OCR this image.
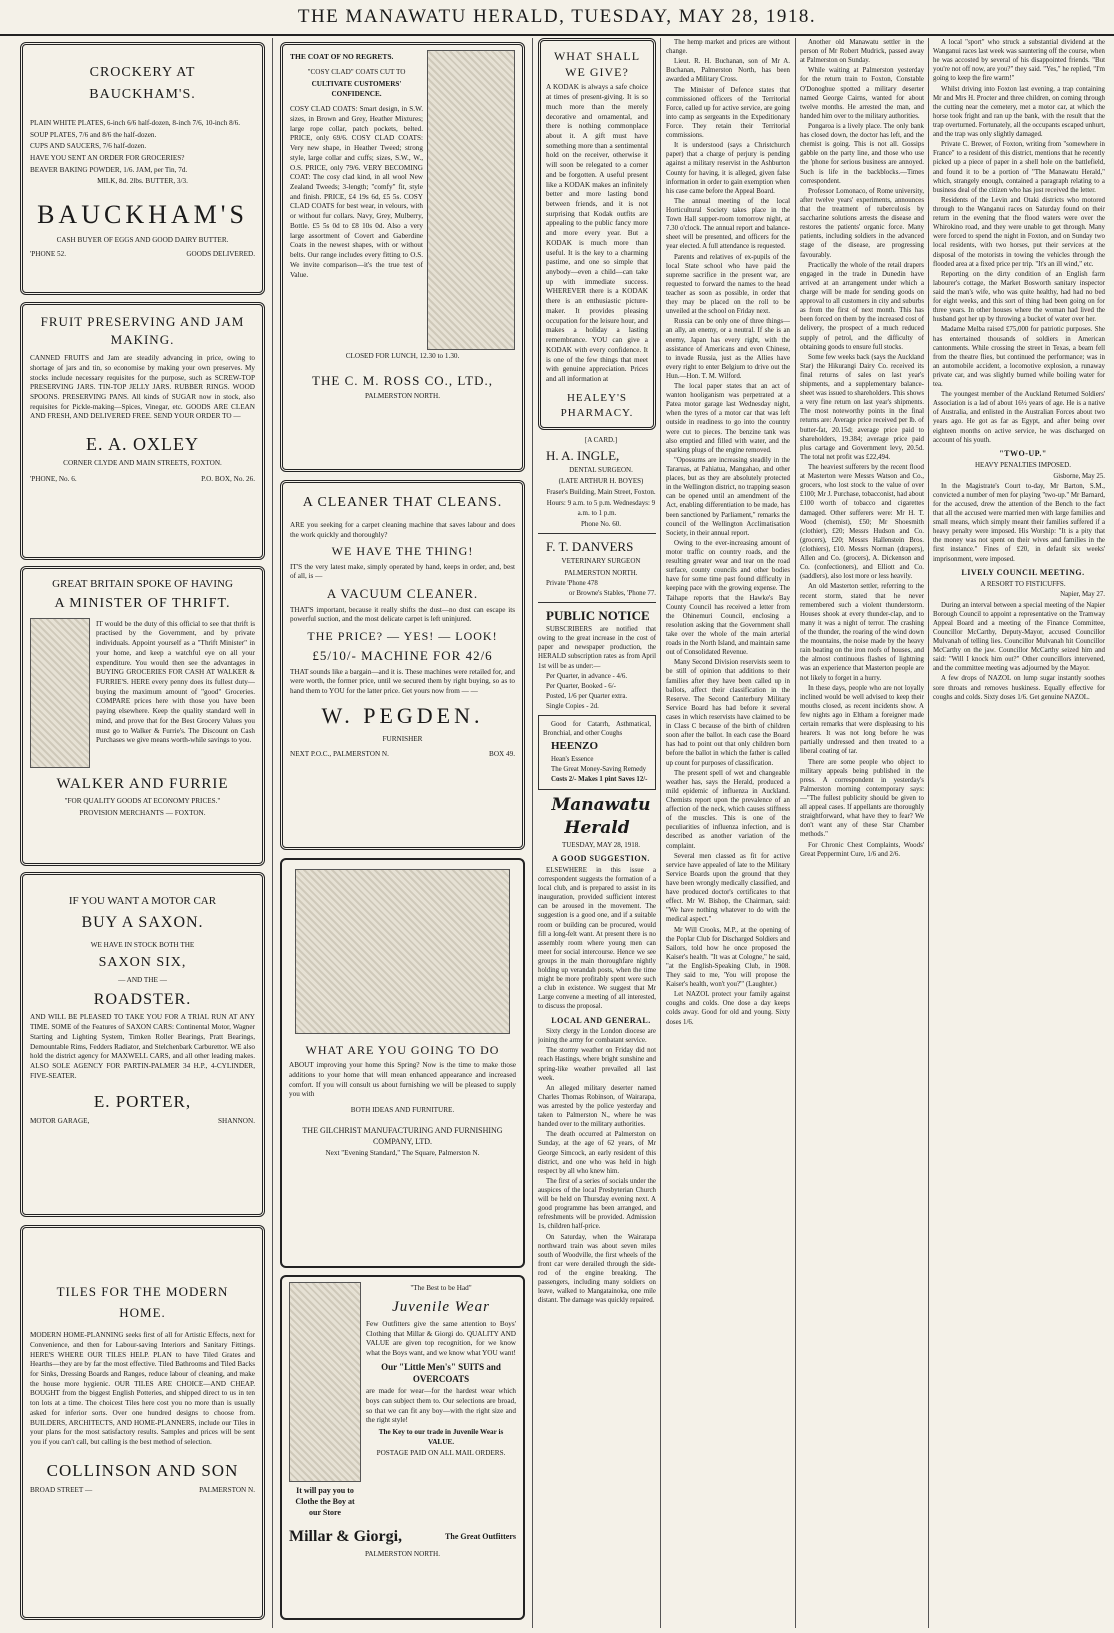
THE MANAWATU HERALD, TUESDAY, MAY 28, 1918.
CROCKERY AT
BAUCKHAM'S.

PLAIN WHITE PLATES, 6-inch 6/6 half-dozen, 8-inch 7/6, 10-inch 8/6.

SOUP PLATES, 7/6 and 8/6 the half-dozen.

CUPS AND SAUCERS, 7/6 half-dozen.

HAVE YOU SENT AN ORDER FOR GROCERIES?

BEAVER BAKING POWDER, 1/6. JAM, per Tin, 7d.

MILK, 8d. 2lbs. BUTTER, 3/3.

BAUCKHAM'S

CASH BUYER OF EGGS AND GOOD DAIRY BUTTER.

'PHONE 52.	GOODS DELIVERED.
FRUIT PRESERVING AND JAM MAKING.

CANNED FRUITS and Jam are steadily advancing in price, owing to shortage of jars and tin, so economise by making your own preserves. My stocks include necessary requisites for the purpose, such as SCREW-TOP PRESERVING JARS. TIN-TOP JELLY JARS. RUBBER RINGS. WOOD SPOONS. PRESERVING PANS. All kinds of SUGAR now in stock, also requisites for Pickle-making—Spices, Vinegar, etc. GOODS ARE CLEAN AND FRESH, AND DELIVERED FREE. SEND YOUR ORDER TO —

E. A. OXLEY

CORNER CLYDE AND MAIN STREETS, FOXTON.

'PHONE, No. 6.	P.O. BOX, No. 26.
GREAT BRITAIN SPOKE OF HAVING
A MINISTER OF THRIFT.

IT would be the duty of this official to see that thrift is practised by the Government, and by private individuals. Appoint yourself as a "Thrift Minister" in your home, and keep a watchful eye on all your expenditure. You would then see the advantages in BUYING GROCERIES FOR CASH AT WALKER & FURRIE'S. HERE every penny does its fullest duty—buying the maximum amount of "good" Groceries. COMPARE prices here with those you have been paying elsewhere. Keep the quality standard well in mind, and prove that for the Best Grocery Values you must go to Walker & Furrie's. The Discount on Cash Purchases we give means worth-while savings to you.

WALKER AND FURRIE

"FOR QUALITY GOODS AT ECONOMY PRICES."

PROVISION MERCHANTS — FOXTON.

IF YOU WANT A MOTOR CAR
BUY A SAXON.

WE HAVE IN STOCK BOTH THE

SAXON SIX,

— AND THE —

ROADSTER.

AND WILL BE PLEASED TO TAKE YOU FOR A TRIAL RUN AT ANY TIME. SOME of the Features of SAXON CARS: Continental Motor, Wagner Starting and Lighting System, Timken Roller Bearings, Pratt Bearings, Demountable Rims, Fedders Radiator, and Stelchenbark Carburettor. WE also hold the district agency for MAXWELL CARS, and all other leading makes. ALSO SOLE AGENCY FOR PARTIN-PALMER 34 H.P., 4-CYLINDER, FIVE-SEATER.

E. PORTER,
MOTOR GARAGE,	SHANNON.
TILES FOR THE MODERN
HOME.

MODERN HOME-PLANNING seeks first of all for Artistic Effects, next for Convenience, and then for Labour-saving Interiors and Sanitary Fittings. HERE'S WHERE OUR TILES HELP. PLAN to have Tiled Grates and Hearths—they are by far the most effective. Tiled Bathrooms and Tiled Backs for Sinks, Dressing Boards and Ranges, reduce labour of cleaning, and make the house more hygienic. OUR TILES ARE CHOICE—AND CHEAP. BOUGHT from the biggest English Potteries, and shipped direct to us in ten ton lots at a time. The choicest Tiles here cost you no more than is usually asked for inferior sorts. Over one hundred designs to choose from. BUILDERS, ARCHITECTS, AND HOME-PLANNERS, include our Tiles in your plans for the most satisfactory results. Samples and prices will be sent you if you can't call, but calling is the best method of selection.

COLLINSON AND SON
BROAD STREET —	PALMERSTON N.

THE COAT OF NO REGRETS.

"COSY CLAD" COATS CUT TO

CULTIVATE CUSTOMERS' CONFIDENCE.

COSY CLAD COATS: Smart design, in S.W. sizes, in Brown and Grey, Heather Mixtures; large rope collar, patch pockets, belted. PRICE, only 69/6. COSY CLAD COATS: Very new shape, in Heather Tweed; strong style, large collar and cuffs; sizes, S.W., W., O.S. PRICE, only 79/6. VERY BECOMING COAT: The cosy clad kind, in all wool New Zealand Tweeds; 3-length; "comfy" fit, style and finish. PRICE, £4 19s 6d, £5 5s. COSY CLAD COATS for best wear, in velours, with or without fur collars. Navy, Grey, Mulberry, Bottle. £5 5s 0d to £8 10s 0d. Also a very large assortment of Covert and Gaberdine Coats in the newest shapes, with or without belts. Our range includes every fitting to O.S. We invite comparison—it's the true test of Value.

CLOSED FOR LUNCH, 12.30 to 1.30.

THE C. M. ROSS CO., LTD.,

PALMERSTON NORTH.

A CLEANER THAT CLEANS.

ARE you seeking for a carpet cleaning machine that saves labour and does the work quickly and thoroughly?

WE HAVE THE THING!

IT'S the very latest make, simply operated by hand, keeps in order, and, best of all, is —

A VACUUM CLEANER.

THAT'S important, because it really shifts the dust—no dust can escape its powerful suction, and the most delicate carpet is left uninjured.

THE PRICE? — YES! — LOOK!
£5/10/- MACHINE FOR 42/6

THAT sounds like a bargain—and it is. These machines were retailed for, and were worth, the former price, until we secured them by right buying, so as to hand them to YOU for the latter price. Get yours now from — —

W. PEGDEN.

FURNISHER

NEXT P.O.C., PALMERSTON N.	BOX 49.
WHAT ARE YOU GOING TO DO

ABOUT improving your home this Spring? Now is the time to make those additions to your home that will mean enhanced appearance and increased comfort. If you will consult us about furnishing we will be pleased to supply you with

BOTH IDEAS AND FURNITURE.

THE GILCHRIST MANUFACTURING AND FURNISHING COMPANY, LTD.

Next "Evening Standard," The Square, Palmerston N.

It will pay you to Clothe the Boy at our Store

"The Best to be Had"

Juvenile Wear

Few Outfitters give the same attention to Boys' Clothing that Millar & Giorgi do. QUALITY AND VALUE are given top recognition, for we know what the Boys want, and we know what YOU want!

Our "Little Men's" SUITS and OVERCOATS

are made for wear—for the hardest wear which boys can subject them to. Our selections are broad, so that we can fit any boy—with the right size and the right style!

The Key to our trade in Juvenile Wear is VALUE.

POSTAGE PAID ON ALL MAIL ORDERS.

Millar & Giorgi,	The Great Outfitters

PALMERSTON NORTH.

WHAT SHALL WE GIVE?

A KODAK is always a safe choice at times of present-giving. It is so much more than the merely decorative and ornamental, and there is nothing commonplace about it. A gift must have something more than a sentimental hold on the receiver, otherwise it will soon be relegated to a corner and be forgotten. A useful present like a KODAK makes an infinitely better and more lasting bond between friends, and it is not surprising that Kodak outfits are appealing to the public fancy more and more every year. But a KODAK is much more than useful. It is the key to a charming pastime, and one so simple that anybody—even a child—can take up with immediate success. WHEREVER there is a KODAK there is an enthusiastic picture-maker. It provides pleasing occupation for the leisure hour, and makes a holiday a lasting remembrance. YOU can give a KODAK with every confidence. It is one of the few things that meet with genuine appreciation. Prices and all information at

HEALEY'S PHARMACY.

[A CARD.]

H. A. INGLE,

DENTAL SURGEON.

(LATE ARTHUR H. BOYES)

Fraser's Building, Main Street, Foxton.

Hours: 9 a.m. to 5 p.m. Wednesdays: 9 a.m. to 1 p.m.

Phone No. 60.

F. T. DANVERS

VETERINARY SURGEON

PALMERSTON NORTH.

Private 'Phone 478

or Browne's Stables, 'Phone 77.

PUBLIC NOTICE

SUBSCRIBERS are notified that owing to the great increase in the cost of paper and newspaper production, the HERALD subscription rates as from April 1st will be as under:—

Per Quarter, in advance - 4/6.

Per Quarter, Booked - 6/-

Posted, 1/6 per Quarter extra.

Single Copies - 2d.

Good for Catarrh, Asthmatical, Bronchial, and other Coughs

HEENZO

Hean's Essence

The Great Money-Saving Remedy

Costs 2/- Makes 1 pint Saves 12/-

Manawatu Herald

TUESDAY, MAY 28, 1918.

A GOOD SUGGESTION.

ELSEWHERE in this issue a correspondent suggests the formation of a local club, and is prepared to assist in its inauguration, provided sufficient interest can be aroused in the movement. The suggestion is a good one, and if a suitable room or building can be procured, would fill a long-felt want. At present there is no assembly room where young men can meet for social intercourse. Hence we see groups in the main thoroughfare nightly holding up verandah posts, when the time might be more profitably spent were such a club in existence. We suggest that Mr Large convene a meeting of all interested, to discuss the proposal.

LOCAL AND GENERAL.

Sixty clergy in the London diocese are joining the army for combatant service.

The stormy weather on Friday did not reach Hastings, where bright sunshine and spring-like weather prevailed all last week.

An alleged military deserter named Charles Thomas Robinson, of Wairarapa, was arrested by the police yesterday and taken to Palmerston N., where he was handed over to the military authorities.

The death occurred at Palmerston on Sunday, at the age of 62 years, of Mr George Simcock, an early resident of this district, and one who was held in high respect by all who knew him.

The first of a series of socials under the auspices of the local Presbyterian Church will be held on Thursday evening next. A good programme has been arranged, and refreshments will be provided. Admission 1s, children half-price.

On Saturday, when the Wairarapa northward train was about seven miles south of Woodville, the first wheels of the front car were derailed through the side-rod of the engine breaking. The passengers, including many soldiers on leave, walked to Mangatainoka, one mile distant. The damage was quickly repaired.

The hemp market and prices are without change.

Lieut. R. H. Buchanan, son of Mr A. Buchanan, Palmerston North, has been awarded a Military Cross.

The Minister of Defence states that commissioned officers of the Territorial Force, called up for active service, are going into camp as sergeants in the Expeditionary Force. They retain their Territorial commissions.

It is understood (says a Christchurch paper) that a charge of perjury is pending against a military reservist in the Ashburton County for having, it is alleged, given false information in order to gain exemption when his case came before the Appeal Board.

The annual meeting of the local Horticultural Society takes place in the Town Hall supper-room tomorrow night, at 7.30 o'clock. The annual report and balance-sheet will be presented, and officers for the year elected. A full attendance is requested.

Parents and relatives of ex-pupils of the local State school who have paid the supreme sacrifice in the present war, are requested to forward the names to the head teacher as soon as possible, in order that they may be placed on the roll to be unveiled at the school on Friday next.

Russia can be only one of three things—an ally, an enemy, or a neutral. If she is an enemy, Japan has every right, with the assistance of Americans and even Chinese, to invade Russia, just as the Allies have every right to enter Belgium to drive out the Hun.—Hon. T. M. Wilford.

The local paper states that an act of wanton hooliganism was perpetrated at a Patea motor garage last Wednesday night, when the tyres of a motor car that was left outside in readiness to go into the country were cut to pieces. The benzine tank was also emptied and filled with water, and the sparking plugs of the engine removed.

"Opossums are increasing steadily in the Tararuas, at Pahiatua, Mangahao, and other places, but as they are absolutely protected in the Wellington district, no trapping season can be opened until an amendment of the Act, enabling differentiation to be made, has been sanctioned by Parliament," remarks the council of the Wellington Acclimatisation Society, in their annual report.

Owing to the ever-increasing amount of motor traffic on country roads, and the resulting greater wear and tear on the road surface, county councils and other bodies have for some time past found difficulty in keeping pace with the growing expense. The Taihape reports that the Hawke's Bay County Council has received a letter from the Ohinemuri Council, enclosing a resolution asking that the Government shall take over the whole of the main arterial roads in the North Island, and maintain same out of Consolidated Revenue.

Many Second Division reservists seem to be still of opinion that additions to their families after they have been called up in ballots, affect their classification in the Reserve. The Second Canterbury Military Service Board has had before it several cases in which reservists have claimed to be in Class C because of the birth of children soon after the ballot. In each case the Board has had to point out that only children born before the ballot in which the father is called up count for purposes of classification.

The present spell of wet and changeable weather has, says the Herald, produced a mild epidemic of influenza in Auckland. Chemists report upon the prevalence of an affection of the neck, which causes stiffness of the muscles. This is one of the peculiarities of influenza infection, and is described as another variation of the complaint.

Several men classed as fit for active service have appealed of late to the Military Service Boards upon the ground that they have been wrongly medically classified, and have produced doctor's certificates to that effect. Mr W. Bishop, the Chairman, said: "We have nothing whatever to do with the medical aspect."

Mr Will Crooks, M.P., at the opening of the Poplar Club for Discharged Soldiers and Sailors, told how he once proposed the Kaiser's health. "It was at Cologne," he said, "at the English-Speaking Club, in 1908. They said to me, 'You will propose the Kaiser's health, won't you?'" (Laughter.)

Let NAZOL protect your family against coughs and colds. One dose a day keeps colds away. Good for old and young. Sixty doses 1/6.

Another old Manawatu settler in the person of Mr Robert Mudrick, passed away at Palmerston on Sunday.

While waiting at Palmerston yesterday for the return train to Foxton, Constable O'Donoghue spotted a military deserter named George Cairns, wanted for about twelve months. He arrested the man, and handed him over to the military authorities.

Pongaroa is a lively place. The only bank has closed down, the doctor has left, and the chemist is going. This is not all. Gossips gabble on the party line, and those who use the 'phone for serious business are annoyed. Such is life in the backblocks.—Times correspondent.

Professor Lomonaco, of Rome university, after twelve years' experiments, announces that the treatment of tuberculosis by saccharine solutions arrests the disease and restores the patients' organic force. Many patients, including soldiers in the advanced stage of the disease, are progressing favourably.

Practically the whole of the retail drapers engaged in the trade in Dunedin have arrived at an arrangement under which a charge will be made for sending goods on approval to all customers in city and suburbs as from the first of next month. This has been forced on them by the increased cost of delivery, the prospect of a much reduced supply of petrol, and the difficulty of obtaining goods to ensure full stocks.

Some few weeks back (says the Auckland Star) the Hikurangi Dairy Co. received its final returns of sales on last year's shipments, and a supplementary balance-sheet was issued to shareholders. This shows a very fine return on last year's shipments. The most noteworthy points in the final returns are: Average price received per lb. of butter-fat, 20.15d; average price paid to shareholders, 19.384; average price paid plus cartage and Government levy, 20.5d. The total net profit was £22,494.

The heaviest sufferers by the recent flood at Masterton were Messrs Watson and Co., grocers, who lost stock to the value of over £100; Mr J. Purchase, tobacconist, had about £100 worth of tobacco and cigarettes damaged. Other sufferers were: Mr H. T. Wood (chemist), £50; Mr Shoesmith (clothier), £20; Messrs Hudson and Co. (grocers), £20; Messrs Hallenstein Bros. (clothiers), £10. Messrs Norman (drapers), Allen and Co. (grocers), A. Dickenson and Co. (confectioners), and Elliott and Co. (saddlers), also lost more or less heavily.

An old Masterton settler, referring to the recent storm, stated that he never remembered such a violent thunderstorm. Houses shook at every thunder-clap, and to many it was a night of terror. The crashing of the thunder, the roaring of the wind down the mountains, the noise made by the heavy rain beating on the iron roofs of houses, and the almost continuous flashes of lightning was an experience that Masterton people are not likely to forget in a hurry.

In these days, people who are not loyally inclined would be well advised to keep their mouths closed, as recent incidents show. A few nights ago in Eltham a foreigner made certain remarks that were displeasing to his hearers. It was not long before he was partially undressed and then treated to a liberal coating of tar.

There are some people who object to military appeals being published in the press. A correspondent in yesterday's Palmerston morning contemporary says:—"The fullest publicity should be given to all appeal cases. If appellants are thoroughly straightforward, what have they to fear? We don't want any of these Star Chamber methods."

For Chronic Chest Complaints, Woods' Great Peppermint Cure, 1/6 and 2/6.

A local "sport" who struck a substantial dividend at the Wanganui races last week was sauntering off the course, when he was accosted by several of his disappointed friends. "But you're not off now, are you?" they said. "Yes," he replied, "I'm going to keep the fire warm!"

Whilst driving into Foxton last evening, a trap containing Mr and Mrs H. Procter and three children, on coming through the cutting near the cemetery, met a motor car, at which the horse took fright and ran up the bank, with the result that the trap overturned. Fortunately, all the occupants escaped unhurt, and the trap was only slightly damaged.

Private C. Brewer, of Foxton, writing from "somewhere in France" to a resident of this district, mentions that he recently picked up a piece of paper in a shell hole on the battlefield, and found it to be a portion of "The Manawatu Herald," which, strangely enough, contained a paragraph relating to a business deal of the citizen who has just received the letter.

Residents of the Levin and Otaki districts who motored through to the Wanganui races on Saturday found on their return in the evening that the flood waters were over the Whirokino road, and they were unable to get through. Many were forced to spend the night in Foxton, and on Sunday two local residents, with two horses, put their services at the disposal of the motorists in towing the vehicles through the flooded area at a fixed price per trip. "It's an ill wind," etc.

Reporting on the dirty condition of an English farm labourer's cottage, the Market Bosworth sanitary inspector said the man's wife, who was quite healthy, had had no bed for eight weeks, and this sort of thing had been going on for three years. In other houses where the woman had lived the husband got her up by throwing a bucket of water over her.

Madame Melba raised £75,000 for patriotic purposes. She has entertained thousands of soldiers in American cantonments. While crossing the street in Texas, a beam fell from the theatre flies, but continued the performance; was in an automobile accident, a locomotive explosion, a runaway private car, and was slightly burned while boiling water for tea.

The youngest member of the Auckland Returned Soldiers' Association is a lad of about 16½ years of age. He is a native of Australia, and enlisted in the Australian Forces about two years ago. He got as far as Egypt, and after being over eighteen months on active service, he was discharged on account of his youth.

"TWO-UP."

HEAVY PENALTIES IMPOSED.

Gisborne, May 25.

In the Magistrate's Court to-day, Mr Barton, S.M., convicted a number of men for playing "two-up." Mr Barnard, for the accused, drew the attention of the Bench to the fact that all the accused were married men with large families and small means, which simply meant their families suffered if a heavy penalty were imposed. His Worship: "It is a pity that the money was not spent on their wives and families in the first instance." Fines of £20, in default six weeks' imprisonment, were imposed.

LIVELY COUNCIL MEETING.

A RESORT TO FISTICUFFS.

Napier, May 27.

During an interval between a special meeting of the Napier Borough Council to appoint a representative on the Tramway Appeal Board and a meeting of the Finance Committee, Councillor McCarthy, Deputy-Mayor, accused Councillor Mulvanah of telling lies. Councillor Mulvanah hit Councillor McCarthy on the jaw. Councillor McCarthy seized him and said: "Will I knock him out?" Other councillors intervened, and the committee meeting was adjourned by the Mayor.

A few drops of NAZOL on lump sugar instantly soothes sore throats and removes huskiness. Equally effective for coughs and colds. Sixty doses 1/6. Get genuine NAZOL.
